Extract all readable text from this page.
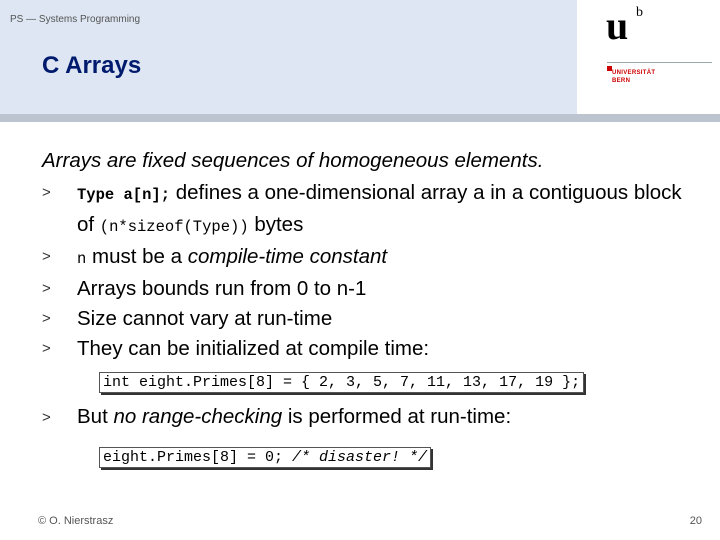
PS — Systems Programming
C Arrays
u b
UNIVERSITÄT
BERN
Arrays are fixed sequences of homogeneous elements.
> Type a[n]; defines a one-dimensional array a in a contiguous block of (n*sizeof(Type)) bytes
> n must be a compile-time constant
> Arrays bounds run from 0 to n-1
> Size cannot vary at run-time
> They can be initialized at compile time:
int eight.Primes[8] = { 2, 3, 5, 7, 11, 13, 17, 19 };
> But no range-checking is performed at run-time:
eight.Primes[8] = 0; /* disaster! */
© O. Nierstrasz	20
